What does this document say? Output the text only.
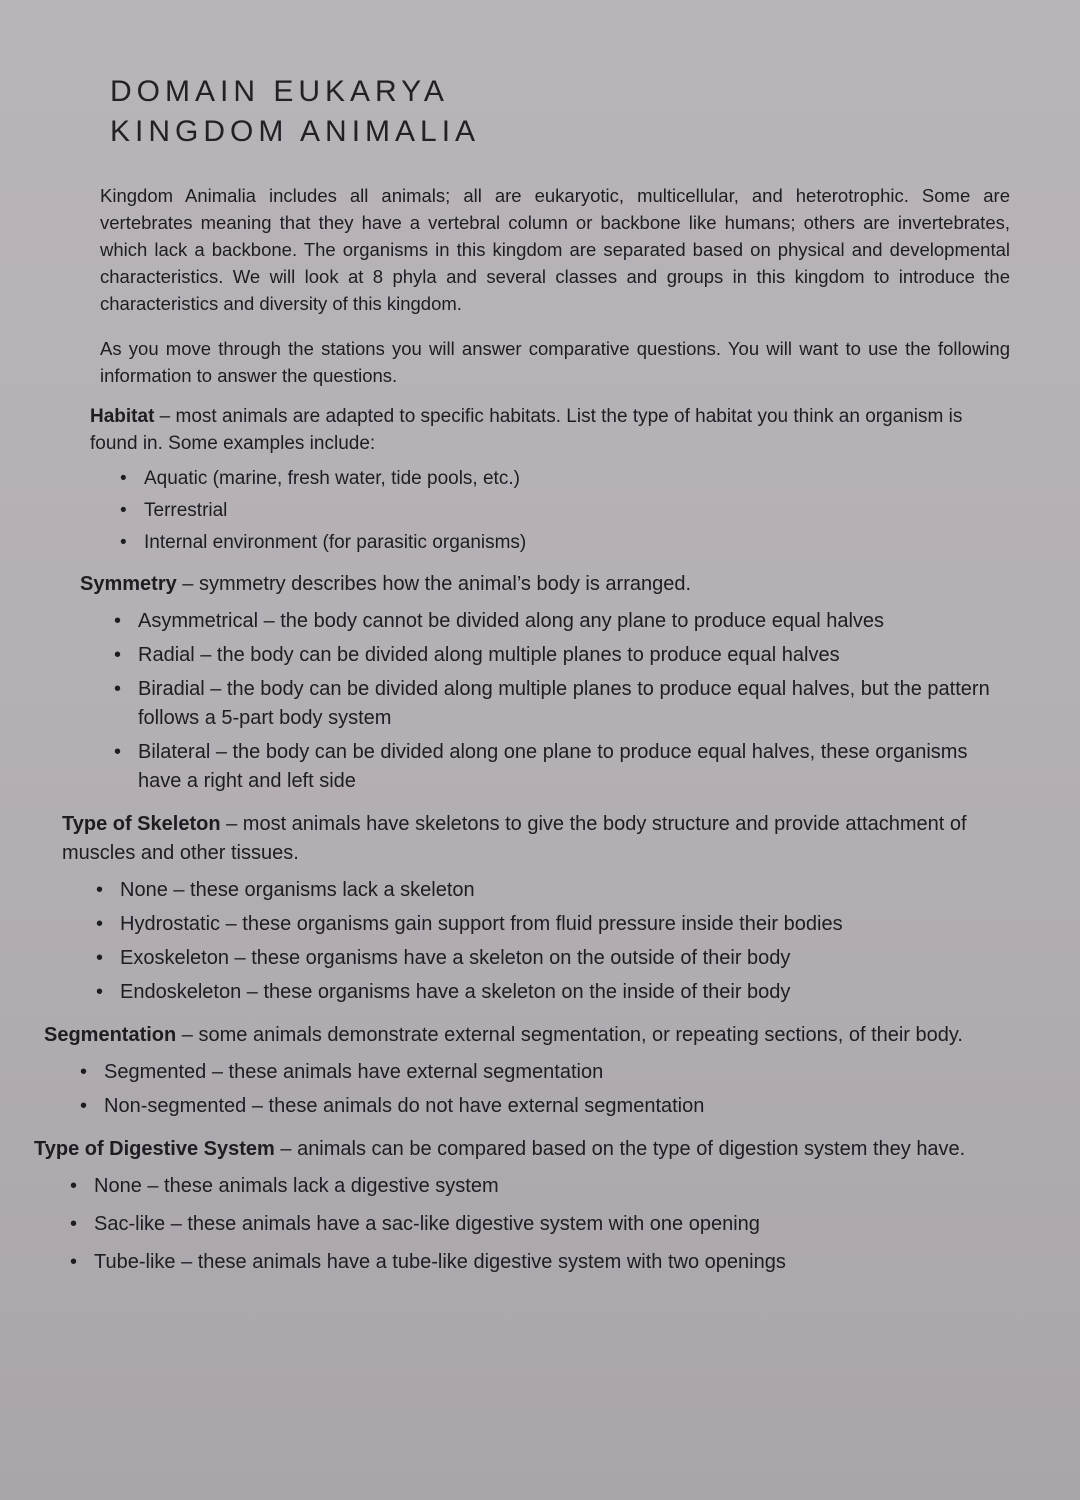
DOMAIN EUKARYA
KINGDOM ANIMALIA

Kingdom Animalia includes all animals; all are eukaryotic, multicellular, and heterotrophic. Some are vertebrates meaning that they have a vertebral column or backbone like humans; others are invertebrates, which lack a backbone. The organisms in this kingdom are separated based on physical and developmental characteristics. We will look at 8 phyla and several classes and groups in this kingdom to introduce the characteristics and diversity of this kingdom.

As you move through the stations you will answer comparative questions. You will want to use the following information to answer the questions.

Habitat – most animals are adapted to specific habitats. List the type of habitat you think an organism is found in. Some examples include:
• Aquatic (marine, fresh water, tide pools, etc.)
• Terrestrial
• Internal environment (for parasitic organisms)
Symmetry – symmetry describes how the animal’s body is arranged.
• Asymmetrical – the body cannot be divided along any plane to produce equal halves
• Radial – the body can be divided along multiple planes to produce equal halves
• Biradial – the body can be divided along multiple planes to produce equal halves, but the pattern follows a 5-part body system
• Bilateral – the body can be divided along one plane to produce equal halves, these organisms have a right and left side
Type of Skeleton – most animals have skeletons to give the body structure and provide attachment of muscles and other tissues.
• None – these organisms lack a skeleton
• Hydrostatic – these organisms gain support from fluid pressure inside their bodies
• Exoskeleton – these organisms have a skeleton on the outside of their body
• Endoskeleton – these organisms have a skeleton on the inside of their body
Segmentation – some animals demonstrate external segmentation, or repeating sections, of their body.
• Segmented – these animals have external segmentation
• Non-segmented – these animals do not have external segmentation
Type of Digestive System – animals can be compared based on the type of digestion system they have.
• None – these animals lack a digestive system
• Sac-like – these animals have a sac-like digestive system with one opening
• Tube-like – these animals have a tube-like digestive system with two openings
